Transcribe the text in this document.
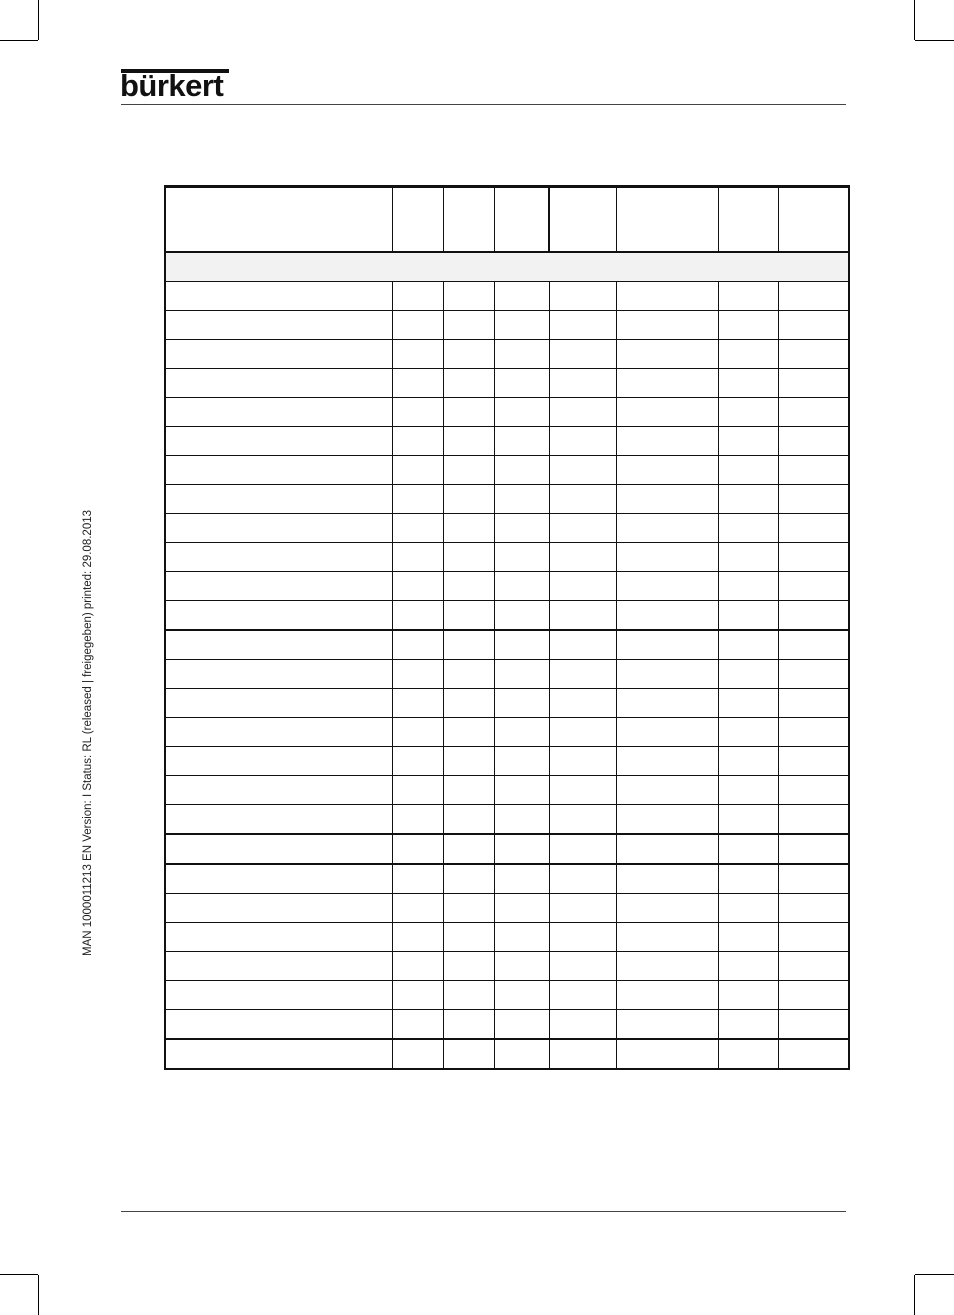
bürkert
MAN 1000011213 EN Version: I Status: RL (released | freigegeben) printed: 29.08.2013
